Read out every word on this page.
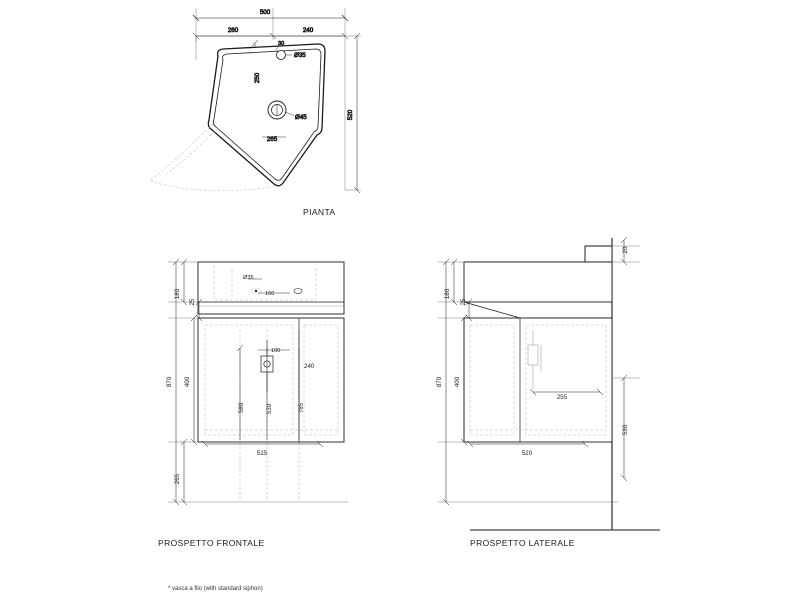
500
260	240
520
250
265
Ø35
Ø45
30
180
25
870 400
265
240
580	530	785
515
Ø35
160
100
20
180
25
870 400
530
255
520
PIANTA
PROSPETTO FRONTALE	PROSPETTO LATERALE
* vasca a filo (with standard siphon)
